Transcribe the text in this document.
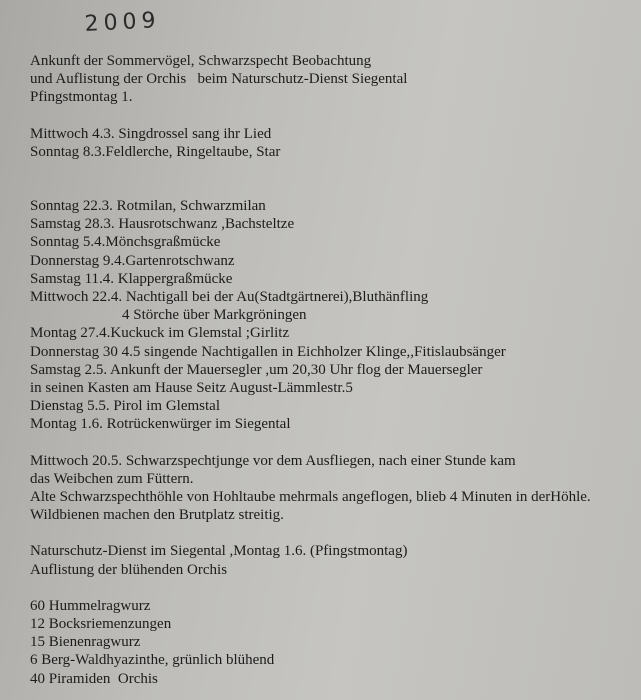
2009
Ankunft der Sommervögel, Schwarzspecht Beobachtung
und Auflistung der Orchis   beim Naturschutz-Dienst Siegental
Pfingstmontag 1.
Mittwoch 4.3. Singdrossel sang ihr Lied
Sonntag 8.3.Feldlerche, Ringeltaube, Star
Sonntag 22.3. Rotmilan, Schwarzmilan
Samstag 28.3. Hausrotschwanz ,Bachsteltze
Sonntag 5.4.Mönchsgraßmücke
Donnerstag 9.4.Gartenrotschwanz
Samstag 11.4. Klappergraßmücke
Mittwoch 22.4. Nachtigall bei der Au(Stadtgärtnerei),Bluthänfling
4 Störche über Markgröningen
Montag 27.4.Kuckuck im Glemstal ;Girlitz
Donnerstag 30 4.5 singende Nachtigallen in Eichholzer Klinge,,Fitislaubsänger
Samstag 2.5. Ankunft der Mauersegler ,um 20,30 Uhr flog der Mauersegler
in seinen Kasten am Hause Seitz August-Lämmlestr.5
Dienstag 5.5. Pirol im Glemstal
Montag 1.6. Rotrückenwürger im Siegental
Mittwoch 20.5. Schwarzspechtjunge vor dem Ausfliegen, nach einer Stunde kam
das Weibchen zum Füttern.
Alte Schwarzspechthöhle von Hohltaube mehrmals angeflogen, blieb 4 Minuten in derHöhle.
Wildbienen machen den Brutplatz streitig.
Naturschutz-Dienst im Siegental ,Montag 1.6. (Pfingstmontag)
Auflistung der blühenden Orchis
60 Hummelragwurz
12 Bocksriemenzungen
15 Bienenragwurz
6 Berg-Waldhyazinthe, grünlich blühend
40 Piramiden  Orchis
